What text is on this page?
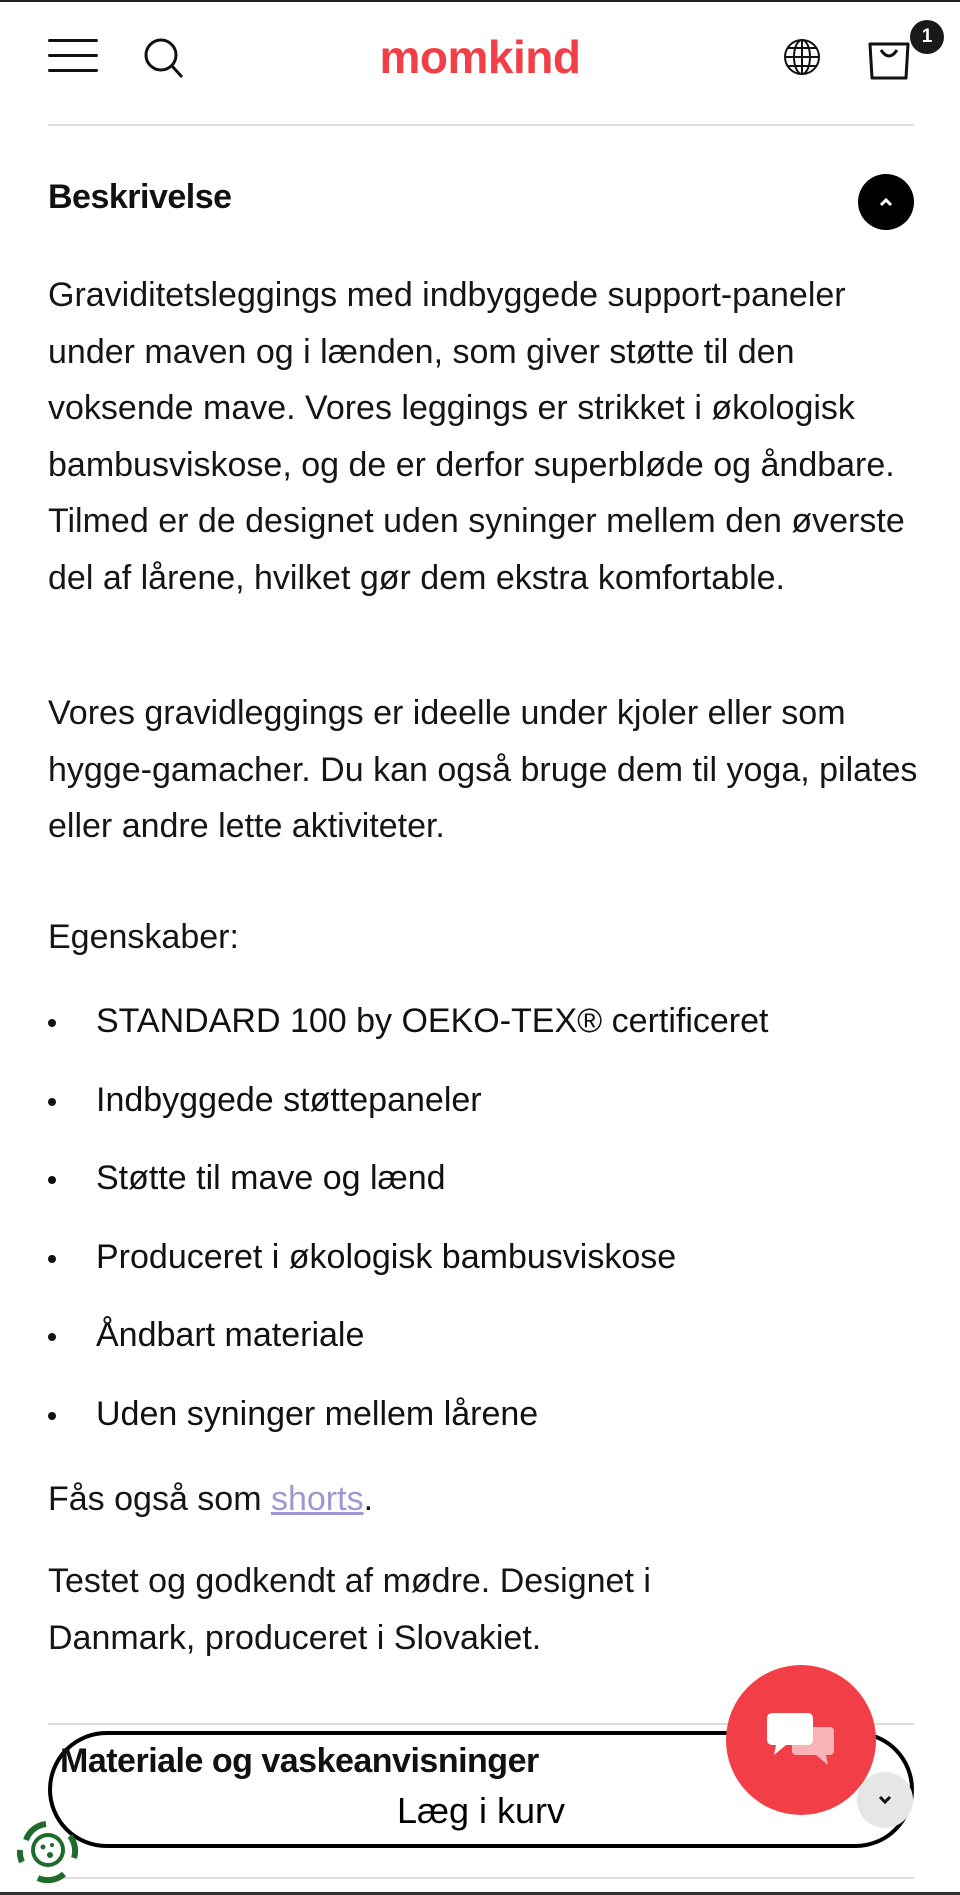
momkind	1
Beskrivelse

Graviditetsleggings med indbyggede support-paneler under maven og i lænden, som giver støtte til den voksende mave. Vores leggings er strikket i økologisk bambusviskose, og de er derfor superbløde og åndbare. Tilmed er de designet uden syninger mellem den øverste del af lårene, hvilket gør dem ekstra komfortable.

Vores gravidleggings er ideelle under kjoler eller som hygge-gamacher. Du kan også bruge dem til yoga, pilates eller andre lette aktiviteter.

Egenskaber:

STANDARD 100 by OEKO-TEX® certificeret
Indbyggede støttepaneler
Støtte til mave og lænd
Produceret i økologisk bambusviskose
Åndbart materiale
Uden syninger mellem lårene

Fås også som shorts.

Testet og godkendt af mødre. Designet i Danmark, produceret i Slovakiet.

Materiale og vaskeanvisninger
Læg i kurv
